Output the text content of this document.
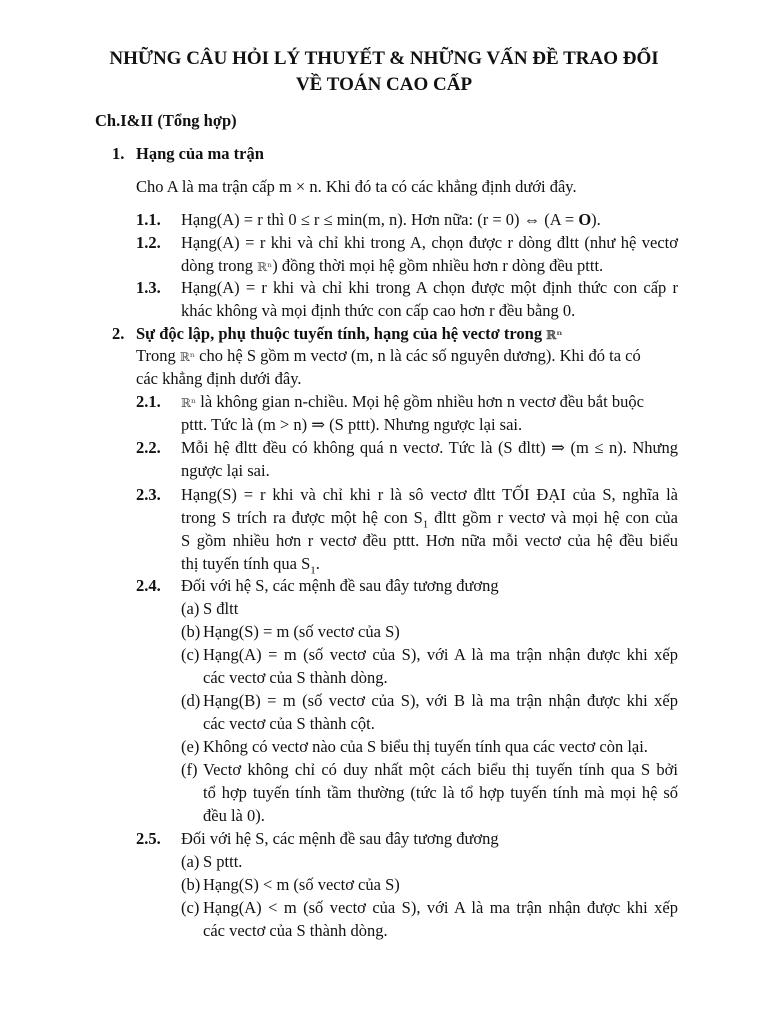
NHỮNG CÂU HỎI LÝ THUYẾT & NHỮNG VẤN ĐỀ TRAO ĐỔI
VỀ TOÁN CAO CẤP
Ch.I&II (Tổng hợp)
1. Hạng của ma trận
Cho A là ma trận cấp m × n. Khi đó ta có các khẳng định dưới đây.
1.1. Hạng(A) = r thì 0 ≤ r ≤ min(m, n). Hơn nữa: (r = 0) ⇔ (A = O).
1.2. Hạng(A) = r khi và chỉ khi trong A, chọn được r dòng đltt (như hệ vectơ
dòng trong ℝⁿ) đồng thời mọi hệ gồm nhiều hơn r dòng đều pttt.
1.3. Hạng(A) = r khi và chỉ khi trong A chọn được một định thức con cấp r
khác không và mọi định thức con cấp cao hơn r đều bằng 0.
2. Sự độc lập, phụ thuộc tuyến tính, hạng của hệ vectơ trong ℝⁿ
Trong ℝⁿ cho hệ S gồm m vectơ (m, n là các số nguyên dương). Khi đó ta có
các khẳng định dưới đây.
2.1. ℝⁿ là không gian n-chiều. Mọi hệ gồm nhiều hơn n vectơ đều bắt buộc
pttt. Tức là (m > n) ⇒ (S pttt). Nhưng ngược lại sai.
2.2. Mỗi hệ đltt đều có không quá n vectơ. Tức là (S đltt) ⇒ (m ≤ n). Nhưng
ngược lại sai.
2.3. Hạng(S) = r khi và chỉ khi r là sô vectơ đltt TỐI ĐẠI của S, nghĩa là
trong S trích ra được một hệ con $S_1$ đltt gồm r vectơ và mọi hệ con của
S gồm nhiều hơn r vectơ đều pttt. Hơn nữa mỗi vectơ của hệ đều biểu
thị tuyến tính qua $S_1$.
2.4. Đối với hệ S, các mệnh đề sau đây tương đương
(a) S đltt
(b) Hạng(S) = m (số vectơ của S)
(c) Hạng(A) = m (số vectơ của S), với A là ma trận nhận được khi xếp
các vectơ của S thành dòng.
(d) Hạng(B) = m (số vectơ của S), với B là ma trận nhận được khi xếp
các vectơ của S thành cột.
(e) Không có vectơ nào của S biểu thị tuyến tính qua các vectơ còn lại.
(f) Vectơ không chỉ có duy nhất một cách biểu thị tuyến tính qua S bởi
tổ hợp tuyến tính tầm thường (tức là tổ hợp tuyến tính mà mọi hệ số
đều là 0).
2.5. Đối với hệ S, các mệnh đề sau đây tương đương
(a) S pttt.
(b) Hạng(S) < m (số vectơ của S)
(c) Hạng(A) < m (số vectơ của S), với A là ma trận nhận được khi xếp
các vectơ của S thành dòng.
